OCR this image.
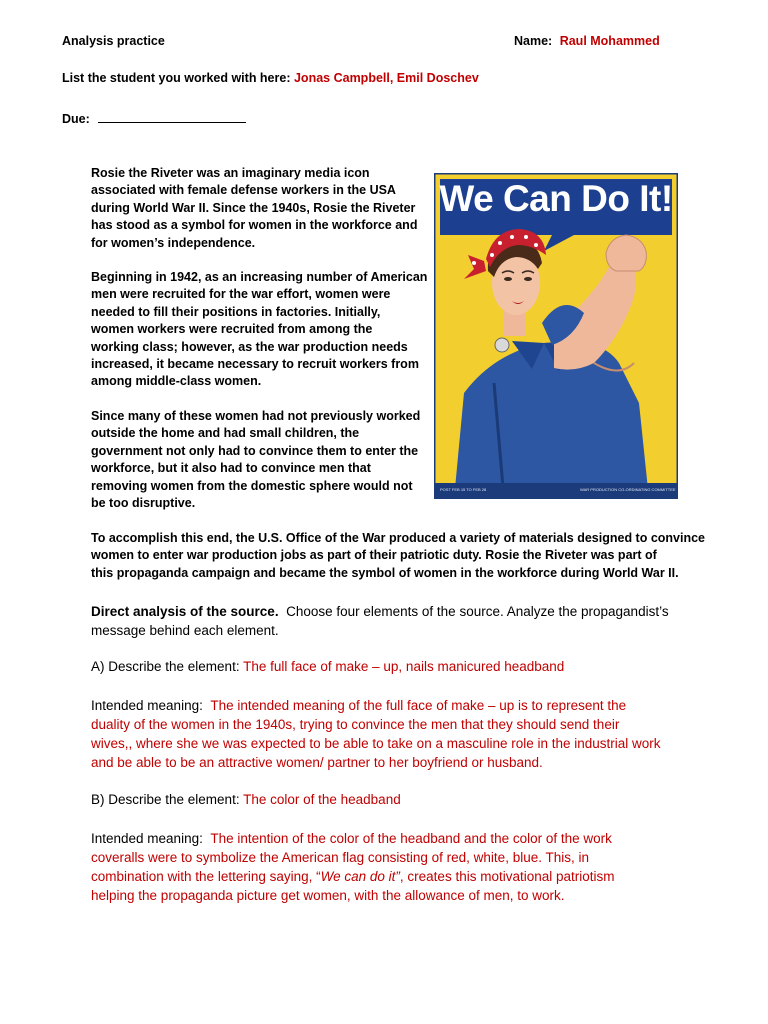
Analysis practice	Name: Raul Mohammed
List the student you worked with here: Jonas Campbell, Emil Doschev
Due:
Rosie the Riveter was an imaginary media icon
associated with female defense workers in the USA
during World War II. Since the 1940s, Rosie the Riveter
has stood as a symbol for women in the workforce and
for women’s independence.
Beginning in 1942, as an increasing number of American
men were recruited for the war effort, women were
needed to fill their positions in factories. Initially,
women workers were recruited from among the
working class; however, as the war production needs
increased, it became necessary to recruit workers from
among middle-class women.
Since many of these women had not previously worked
outside the home and had small children, the
government not only had to convince them to enter the
workforce, but it also had to convince men that
removing women from the domestic sphere would not
be too disruptive.
To accomplish this end, the U.S. Office of the War produced a variety of materials designed to convince
women to enter war production jobs as part of their patriotic duty. Rosie the Riveter was part of
this propaganda campaign and became the symbol of women in the workforce during World War II.
We Can Do It!
POST FEB 15 TO FEB 28	WAR PRODUCTION CO-ORDINATING COMMITTEE
Direct analysis of the source. Choose four elements of the source. Analyze the propagandist’s
message behind each element.
A) Describe the element: The full face of make – up, nails manicured headband
Intended meaning: The intended meaning of the full face of make – up is to represent the
duality of the women in the 1940s, trying to convince the men that they should send their
wives,, where she we was expected to be able to take on a masculine role in the industrial work
and be able to be an attractive women/ partner to her boyfriend or husband.
B) Describe the element: The color of the headband
Intended meaning: The intention of the color of the headband and the color of the work
coveralls were to symbolize the American flag consisting of red, white, blue. This, in
combination with the lettering saying, “We can do it”, creates this motivational patriotism
helping the propaganda picture get women, with the allowance of men, to work.
